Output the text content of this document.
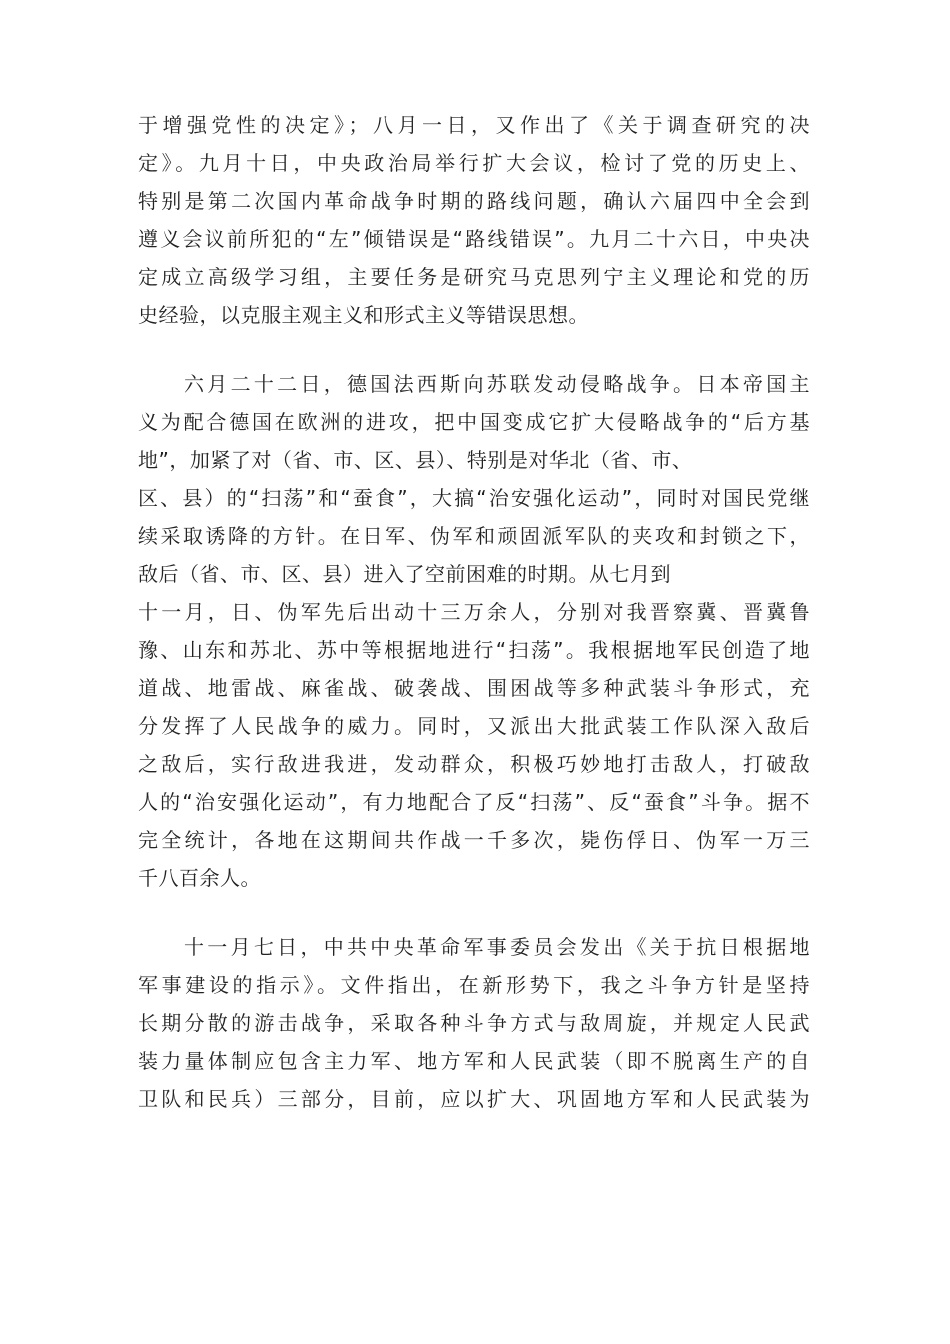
于增强党性的决定》；八月一日，又作出了《关于调查研究的决
定》。九月十日，中央政治局举行扩大会议，检讨了党的历史上、
特别是第二次国内革命战争时期的路线问题，确认六届四中全会到
遵义会议前所犯的“左”倾错误是“路线错误”。九月二十六日，中央决
定成立高级学习组，主要任务是研究马克思列宁主义理论和党的历
史经验，以克服主观主义和形式主义等错误思想。
六月二十二日，德国法西斯向苏联发动侵略战争。日本帝国主
义为配合德国在欧洲的进攻，把中国变成它扩大侵略战争的“后方基
地”，加紧了对（省、市、区、县）、特别是对华北（省、市、
区、县）的“扫荡”和“蚕食”，大搞“治安强化运动”，同时对国民党继
续采取诱降的方针。在日军、伪军和顽固派军队的夹攻和封锁之下，
敌后（省、市、区、县）进入了空前困难的时期。从七月到
十一月，日、伪军先后出动十三万余人，分别对我晋察冀、晋冀鲁
豫、山东和苏北、苏中等根据地进行“扫荡”。我根据地军民创造了地
道战、地雷战、麻雀战、破袭战、围困战等多种武装斗争形式，充
分发挥了人民战争的威力。同时，又派出大批武装工作队深入敌后
之敌后，实行敌进我进，发动群众，积极巧妙地打击敌人，打破敌
人的“治安强化运动”，有力地配合了反“扫荡”、反“蚕食”斗争。据不
完全统计，各地在这期间共作战一千多次，毙伤俘日、伪军一万三
千八百余人。
十一月七日，中共中央革命军事委员会发出《关于抗日根据地
军事建设的指示》。文件指出，在新形势下，我之斗争方针是坚持
长期分散的游击战争，采取各种斗争方式与敌周旋，并规定人民武
装力量体制应包含主力军、地方军和人民武装（即不脱离生产的自
卫队和民兵）三部分，目前，应以扩大、巩固地方军和人民武装为
